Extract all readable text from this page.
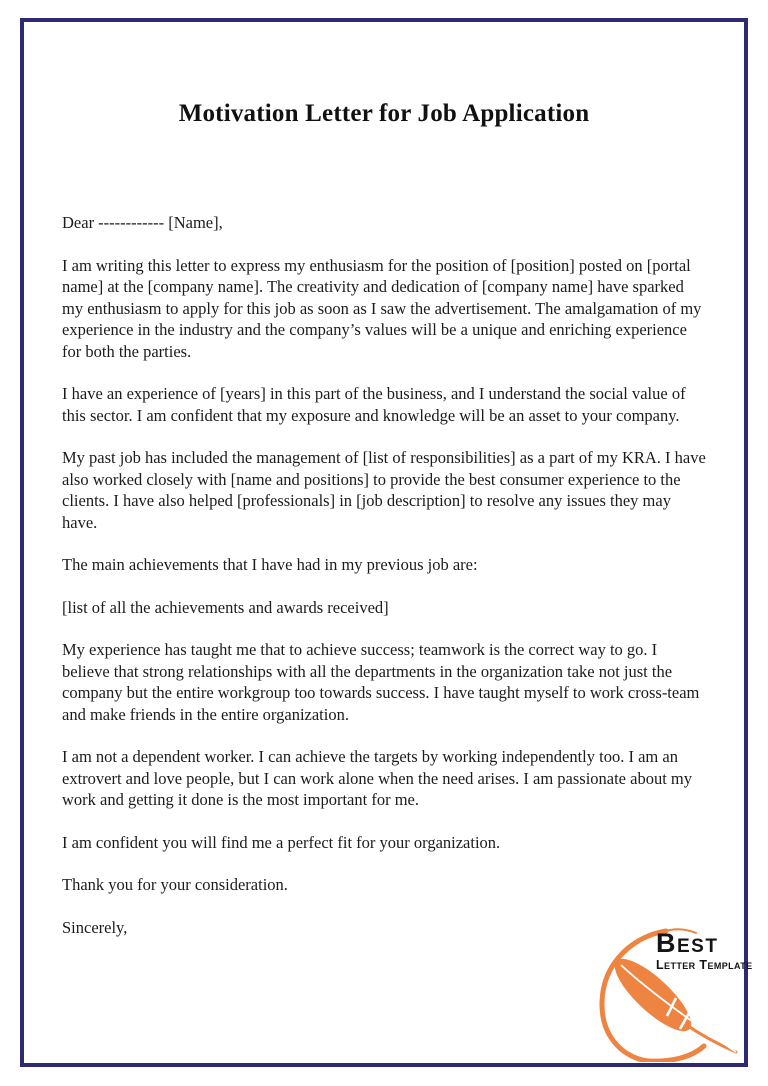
Motivation Letter for Job Application

Dear ------------ [Name],

I am writing this letter to express my enthusiasm for the position of [position] posted on [portal name] at the [company name]. The creativity and dedication of [company name] have sparked my enthusiasm to apply for this job as soon as I saw the advertisement. The amalgamation of my experience in the industry and the company’s values will be a unique and enriching experience for both the parties.

I have an experience of [years] in this part of the business, and I understand the social value of this sector. I am confident that my exposure and knowledge will be an asset to your company.

My past job has included the management of [list of responsibilities] as a part of my KRA. I have also worked closely with [name and positions] to provide the best consumer experience to the clients. I have also helped [professionals] in [job description] to resolve any issues they may have.

The main achievements that I have had in my previous job are:

[list of all the achievements and awards received]

My experience has taught me that to achieve success; teamwork is the correct way to go. I believe that strong relationships with all the departments in the organization take not just the company but the entire workgroup too towards success. I have taught myself to work cross-team and make friends in the entire organization.

I am not a dependent worker. I can achieve the targets by working independently too. I am an extrovert and love people, but I can work alone when the need arises. I am passionate about my work and getting it done is the most important for me.

I am confident you will find me a perfect fit for your organization.

Thank you for your consideration.

Sincerely,

BEST
Letter Template
